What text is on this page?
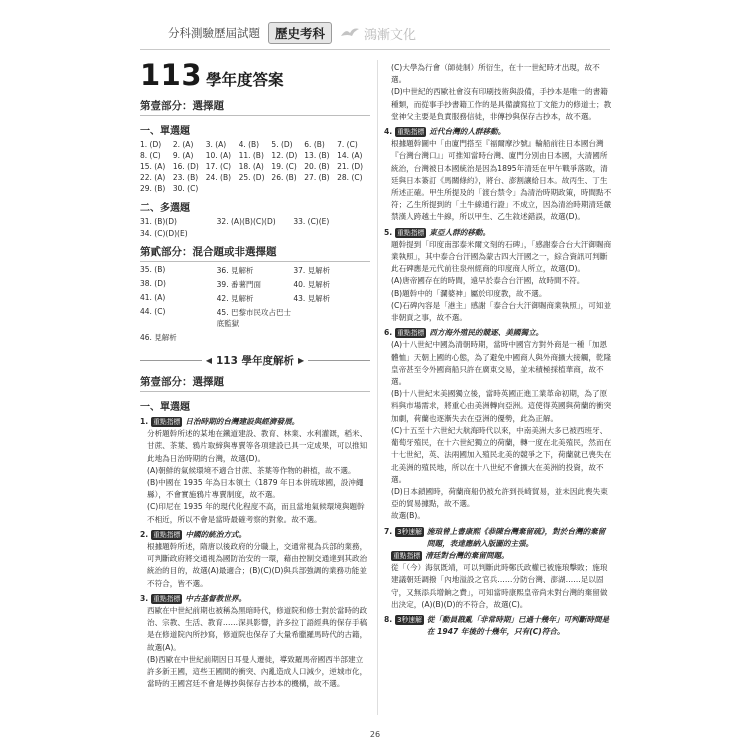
分科測驗歷屆試題	歷史考科	鴻漸文化
113 學年度答案
第壹部分：選擇題
一、單選題
1. (D)	2. (A)	3. (A)	4. (B)	5. (D)	6. (B)	7. (C)
8. (C)	9. (A)	10. (A)	11. (B)	12. (D) 13. (B)	14. (A)
15. (A)	16. (D) 17. (C) 18. (A)	19. (C) 20. (B)	21. (D)
22. (A)	23. (B)	24. (B)	25. (D) 26. (B)	27. (B)	28. (C)
29. (B)	30. (C)
二、多選題
31. (B)(D)	32. (A)(B)(C)(D)	33. (C)(E)
34. (C)(D)(E)
第貳部分：混合題或非選擇題
35. (B)	36. 見解析	37. 見解析
38. (D)	39. 番薯門面	40. 見解析
41. (A)	42. 見解析	43. 見解析
44. (C)	45. 巴黎市民攻占巴士底監獄
46. 見解析
◀ 113 學年度解析 ▶
第壹部分：選擇題
一、單選題
1. 重點指標 日治時期的台灣建設與經濟發展。
分析題幹所述的某地在鐵道建設、教育、林業、水利灌溉，稻米、甘蔗、茶葉、鴉片取締與專賣等各項建設已具一定成果，可以推知此地為日治時期的台灣，故選(D)。
(A)朝鮮的氣候環境不適合甘蔗、茶葉等作物的耕植，故不選。
(B)中國在 1935 年為日本領土（1879 年日本併琉球國，設沖繩縣），不會實施鴉片專賣制度，故不選。
(C)印尼在 1935 年的現代化程度不高，而且當地氣候環境與題幹不相近，所以不會是當時最確考察的對象。故不選。
2. 重點指標 中國的統治方式。
根據題幹所述，隋唐以後政府的分職上，交通常視為兵部的業務，可判斷政府將交通視為國防治安的一環，藉由控制交通達到其政治統治的目的，故選(A)最適合；(B)(C)(D)與兵部強調的業務功能並不符合，皆不選。
3. 重點指標 中古基督教世界。
西歐在中世紀前期也被稱為黑暗時代，修道院和修士對於當時的政治、宗教、生活、教育……深具影響，許多拉丁語經典的保存手稿是在修道院內所抄寫，修道院也保存了大量希臘羅馬時代的古籍，故選(A)。
(B)西歐在中世紀前期因日耳曼人遷徙，導致羅馬帝國西半部建立許多新王國，這些王國間的衝突、內亂造成人口減少，逆城市化，當時的王國宮廷不會是傳抄與保存古抄本的機構，故不選。
(C)大學為行會（師徒制）所衍生，在十一世紀時才出現，故不選。
(D)中世紀的西歐社會沒有印刷技術與設備，手抄本是唯一的書籍種類，而從事手抄書籍工作的是具備讀寫拉丁文能力的修道士；教堂神父主要是負責服務信徒，非傳抄與保存古抄本，故不選。
4. 重點指標 近代台灣的人群移動。
根據題幹圖中「由廈門搭至『福爾摩沙號』輪船前往日本國台灣『台灣台灣口』」可推知當時台灣、廈門分別由日本國，大清國所統治，台灣被日本國統治是因為1895年清廷在甲午戰爭落敗，清廷與日本簽訂《馬關條約》，將台、澎割讓給日本。故丙生、丁生所述正確。甲生所提及的「渡台禁令」為清治時期政策，時間點不符；乙生所提到的「土牛線通行證」不成立，因為清治時期清廷嚴禁漢人跨越土牛線，所以甲生、乙生敘述錯誤，故選(D)。
5. 重點指標 東亞人群的移動。
題幹提到「印度南部泰米爾文刻的石碑」，「感謝泰合台大汗御賜商業執照」，其中泰合台汗國為蒙古四大汗國之一，綜合資訊可判斷此石碑應是元代前往泉州經商的印度商人所立，故選(D)。
(A)唐帝國存在的時間，遠早於泰合台汗國，故時間不符。
(B)題幹中的「瀾婆神」屬於印度教，故不選。
(C)石碑內容是「港主」感謝「泰合台大汗御賜商業執照」，可知並非朝貢之事，故不選。
6. 重點指標 西方海外殖民的競逐、美國獨立。
(A)十八世紀中國為清朝時期，當時中國官方對外商是一種「加恩體恤」天朝上國的心態，為了避免中國商人與外商擴大接觸，乾隆皇帝甚至令外國商船只許在廣東交易，並未積極採植華商，故不選。
(B)十八世紀末美國獨立後，當時英國正進工業革命初期，為了原料與市場需求，將重心由美洲轉向亞洲。這使得英國與荷蘭的衝突加劇，荷蘭也逐漸失去在亞洲的優勢，此為正解。
(C)十五至十六世紀大航海時代以來，中南美洲大多已被西班牙、葡萄牙殖民，在十六世紀獨立的荷蘭，轉一度在北美殖民，然而在十七世紀，英、法兩國加入殖民北美的競爭之下，荷蘭就已喪失在北美洲的殖民地，所以在十八世紀不會擴大在美洲的投資，故不選。
(D)日本鎖國時，荷蘭商船仍被允許到長崎貿易，並未因此喪失東亞的貿易據點，故不選。
故選(B)。
7. 3秒速解 施琅曾上書康熙《恭陳台灣棄留疏》，對於台灣的棄留問題，表達應納入版圖的主張。
重點指標 清廷對台灣的棄留問題。
從「（今）海氛既靖，可以判斷此時鄭氏政權已被施琅擊敗；施琅建議朝廷調撥「內地溢設之官兵……分防台灣、澎湖……足以固守，又無添兵增餉之費」，可知當時康熙皇帝尚未對台灣的棄留做出決定，(A)(B)(D)的不符合，故選(C)。
8. 3秒速解 從「動員戡亂「非常時期」已過十幾年」可判斷時間是在 1947 年後的十幾年，只有(C)符合。
26
